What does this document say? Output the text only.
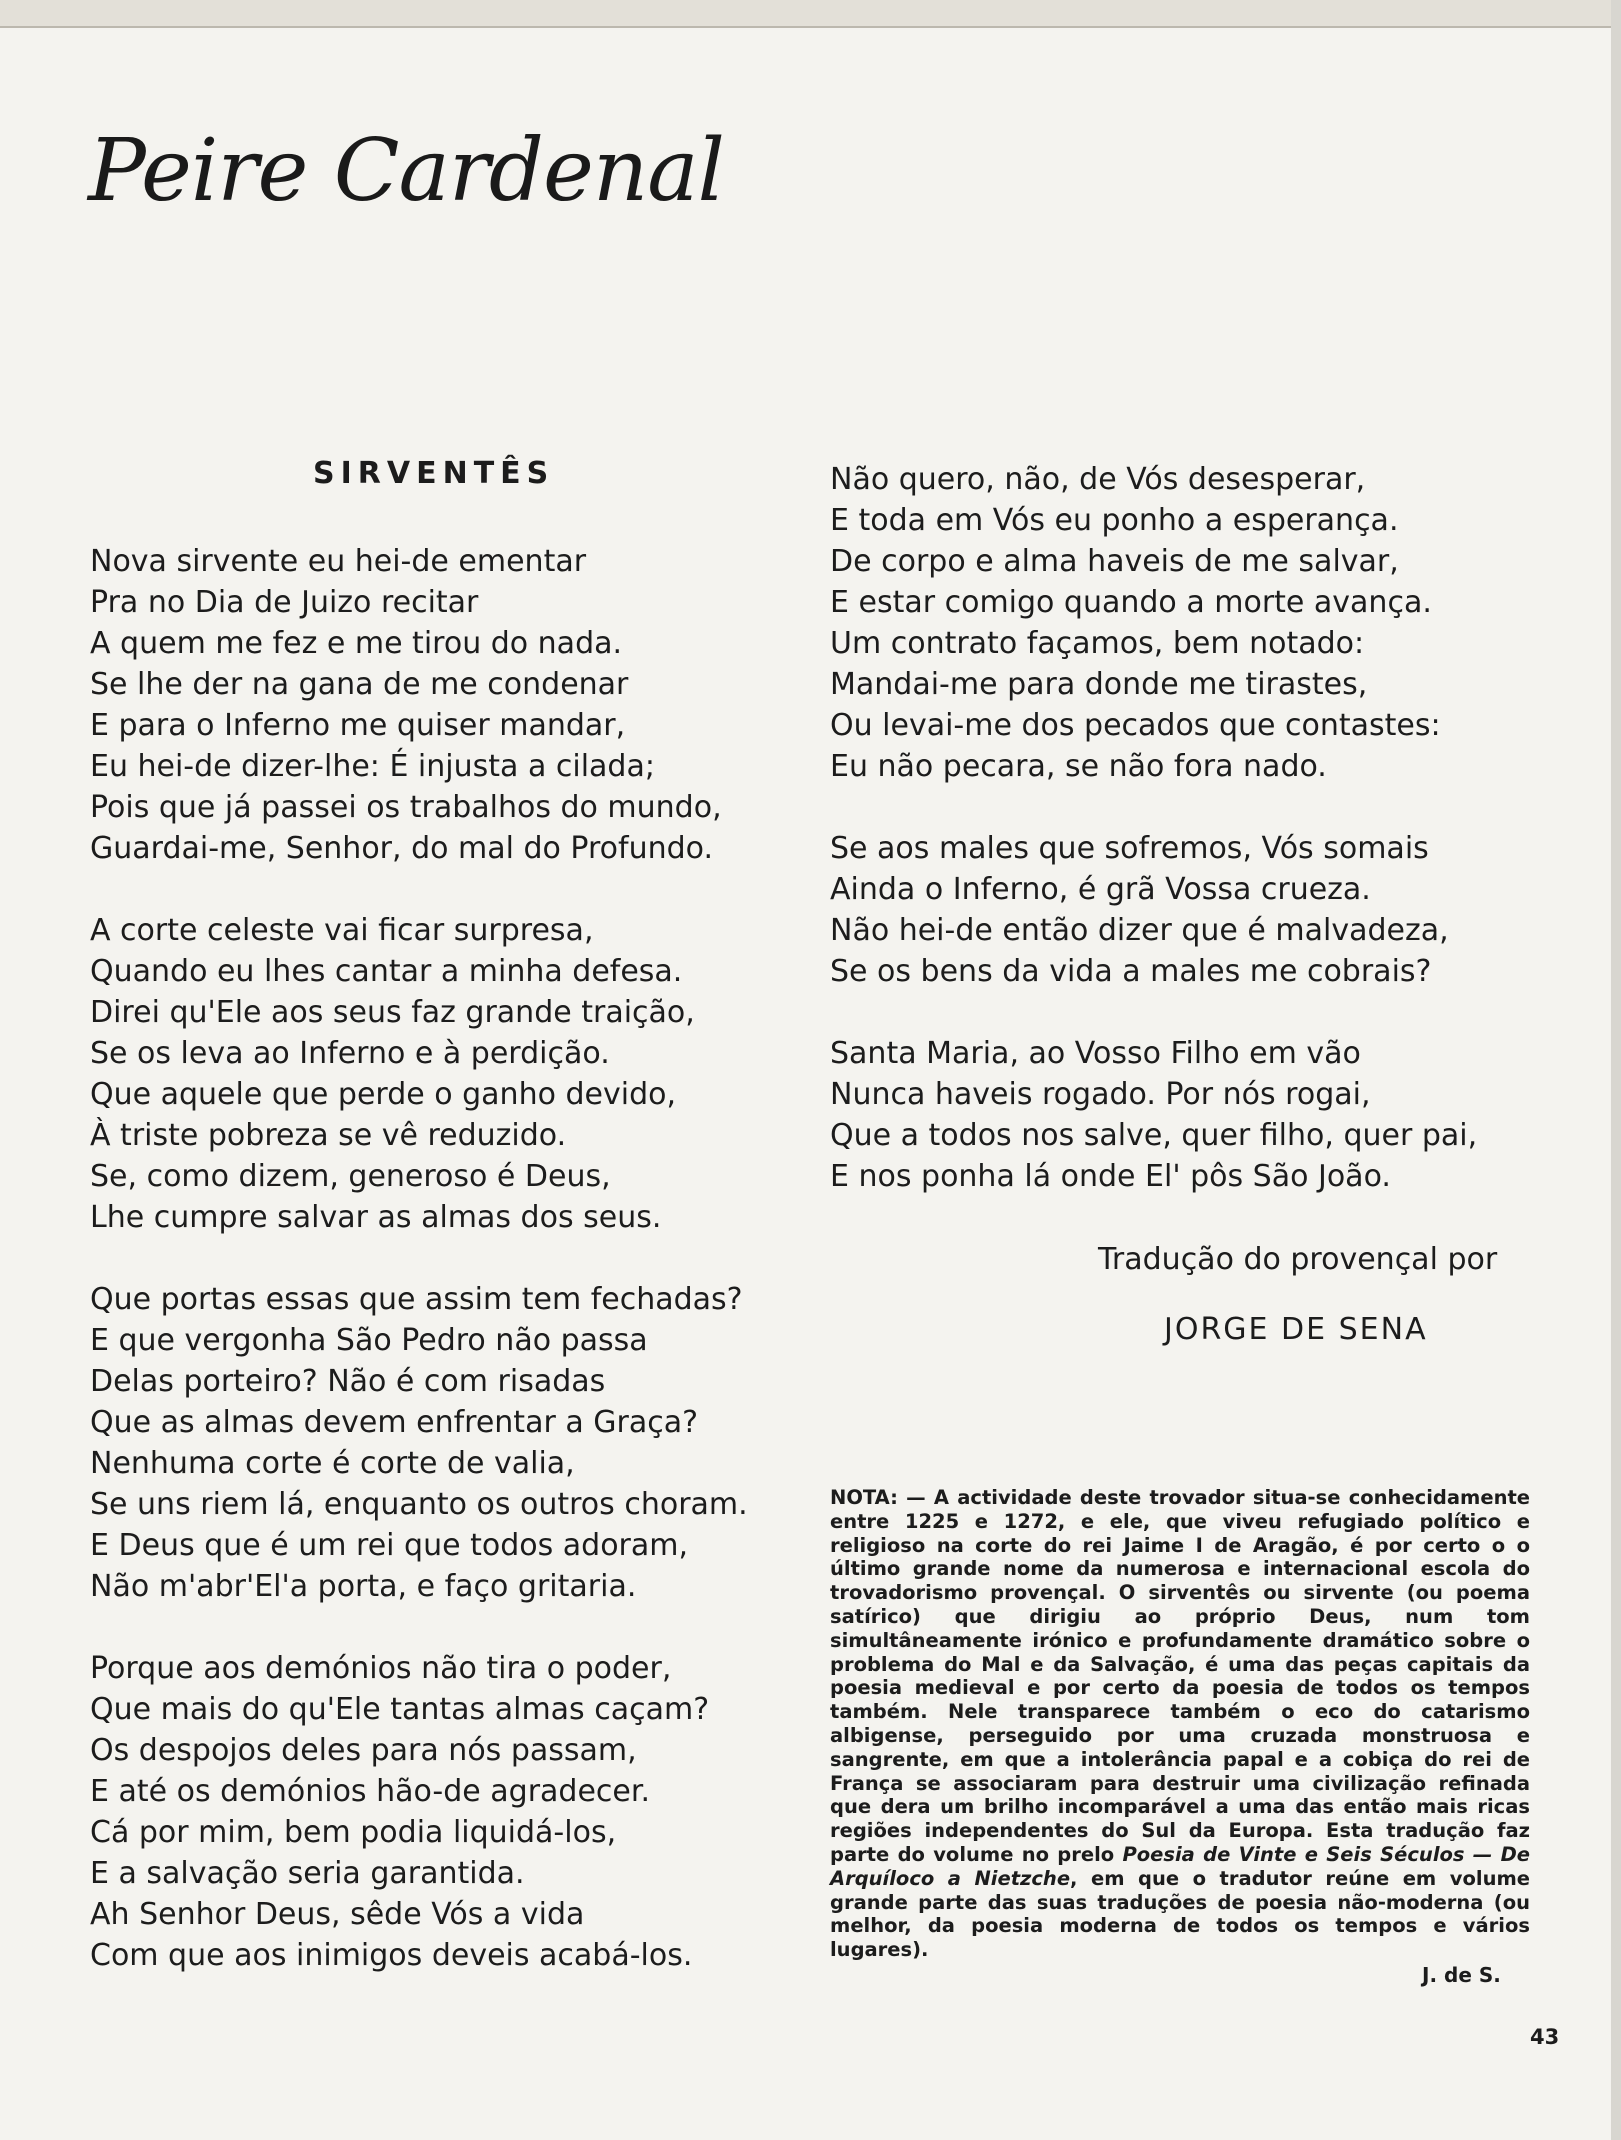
Peire Cardenal
SIRVENTÊS
Nova sirvente eu hei-de ementar
Pra no Dia de Juizo recitar
A quem me fez e me tirou do nada.
Se lhe der na gana de me condenar
E para o Inferno me quiser mandar,
Eu hei-de dizer-lhe: É injusta a cilada;
Pois que já passei os trabalhos do mundo,
Guardai-me, Senhor, do mal do Profundo.
A corte celeste vai ficar surpresa,
Quando eu lhes cantar a minha defesa.
Direi qu'Ele aos seus faz grande traição,
Se os leva ao Inferno e à perdição.
Que aquele que perde o ganho devido,
À triste pobreza se vê reduzido.
Se, como dizem, generoso é Deus,
Lhe cumpre salvar as almas dos seus.
Que portas essas que assim tem fechadas?
E que vergonha São Pedro não passa
Delas porteiro? Não é com risadas
Que as almas devem enfrentar a Graça?
Nenhuma corte é corte de valia,
Se uns riem lá, enquanto os outros choram.
E Deus que é um rei que todos adoram,
Não m'abr'El'a porta, e faço gritaria.
Porque aos demónios não tira o poder,
Que mais do qu'Ele tantas almas caçam?
Os despojos deles para nós passam,
E até os demónios hão-de agradecer.
Cá por mim, bem podia liquidá-los,
E a salvação seria garantida.
Ah Senhor Deus, sêde Vós a vida
Com que aos inimigos deveis acabá-los.
Não quero, não, de Vós desesperar,
E toda em Vós eu ponho a esperança.
De corpo e alma haveis de me salvar,
E estar comigo quando a morte avança.
Um contrato façamos, bem notado:
Mandai-me para donde me tirastes,
Ou levai-me dos pecados que contastes:
Eu não pecara, se não fora nado.
Se aos males que sofremos, Vós somais
Ainda o Inferno, é grã Vossa crueza.
Não hei-de então dizer que é malvadeza,
Se os bens da vida a males me cobrais?
Santa Maria, ao Vosso Filho em vão
Nunca haveis rogado. Por nós rogai,
Que a todos nos salve, quer filho, quer pai,
E nos ponha lá onde El' pôs São João.
Tradução do provençal por
JORGE DE SENA

NOTA: — A actividade deste trovador situa-se conhecidamente entre 1225 e 1272, e ele, que viveu refugiado político e religioso na corte do rei Jaime I de Aragão, é por certo o o último grande nome da numerosa e internacional escola do trovadorismo provençal. O sirventês ou sirvente (ou poema satírico) que dirigiu ao próprio Deus, num tom simultâneamente irónico e profundamente dramático sobre o problema do Mal e da Salvação, é uma das peças capitais da poesia medieval e por certo da poesia de todos os tempos também. Nele transparece também o eco do catarismo albigense, perseguido por uma cruzada monstruosa e sangrente, em que a intolerância papal e a cobiça do rei de França se associaram para destruir uma civilização refinada que dera um brilho incomparável a uma das então mais ricas regiões independentes do Sul da Europa. Esta tradução faz parte do volume no prelo Poesia de Vinte e Seis Séculos — De Arquíloco a Nietzche, em que o tradutor reúne em volume grande parte das suas traduções de poesia não-moderna (ou melhor, da poesia moderna de todos os tempos e vários lugares).

J. de S.
43
